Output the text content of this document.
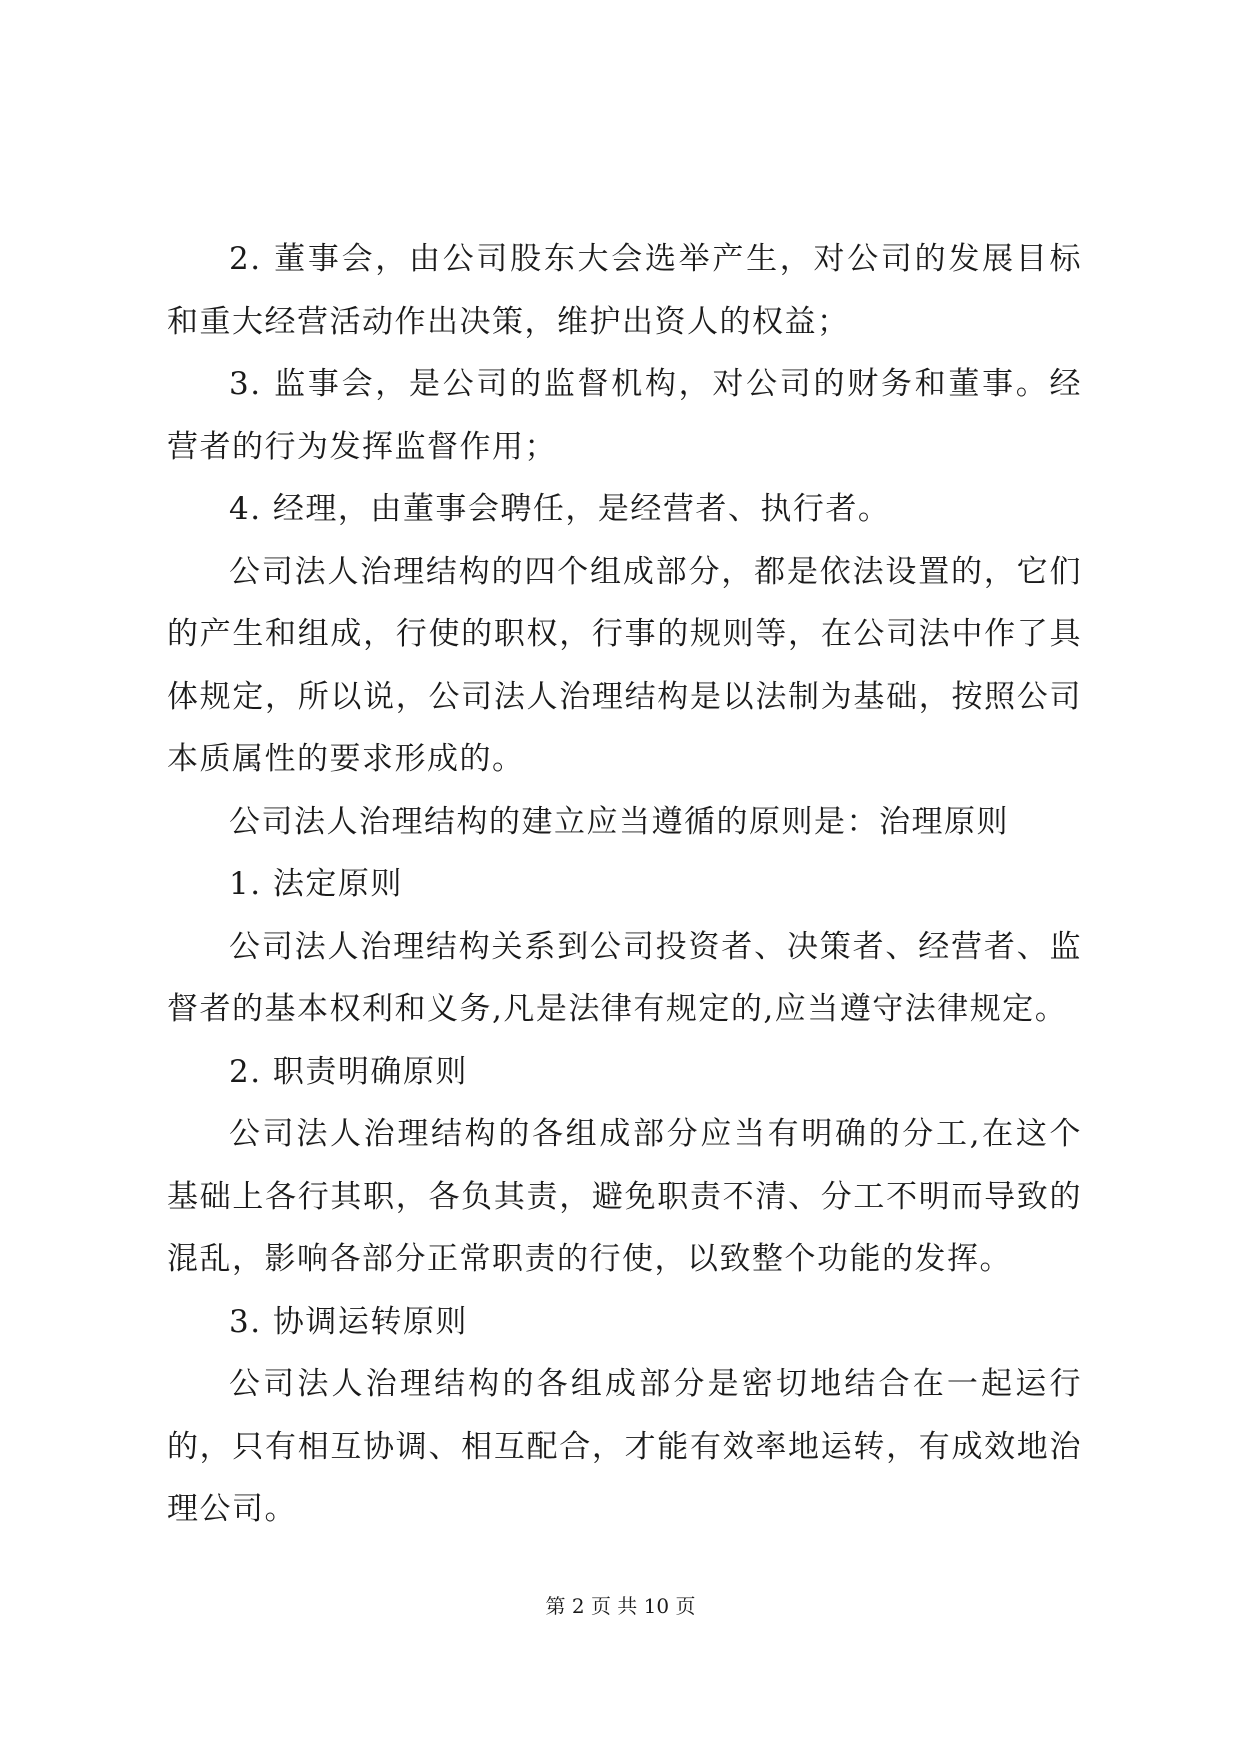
2. 董事会，由公司股东大会选举产生，对公司的发展目标和重大经营活动作出决策，维护出资人的权益；

3. 监事会，是公司的监督机构，对公司的财务和董事。经营者的行为发挥监督作用；

4. 经理，由董事会聘任，是经营者、执行者。

公司法人治理结构的四个组成部分，都是依法设置的，它们的产生和组成，行使的职权，行事的规则等，在公司法中作了具体规定，所以说，公司法人治理结构是以法制为基础，按照公司本质属性的要求形成的。

公司法人治理结构的建立应当遵循的原则是：治理原则

1. 法定原则

公司法人治理结构关系到公司投资者、决策者、经营者、监督者的基本权利和义务,凡是法律有规定的,应当遵守法律规定。

2. 职责明确原则

公司法人治理结构的各组成部分应当有明确的分工,在这个基础上各行其职，各负其责，避免职责不清、分工不明而导致的混乱，影响各部分正常职责的行使，以致整个功能的发挥。

3. 协调运转原则

公司法人治理结构的各组成部分是密切地结合在一起运行的，只有相互协调、相互配合，才能有效率地运转，有成效地治理公司。

第 2 页 共 10 页
